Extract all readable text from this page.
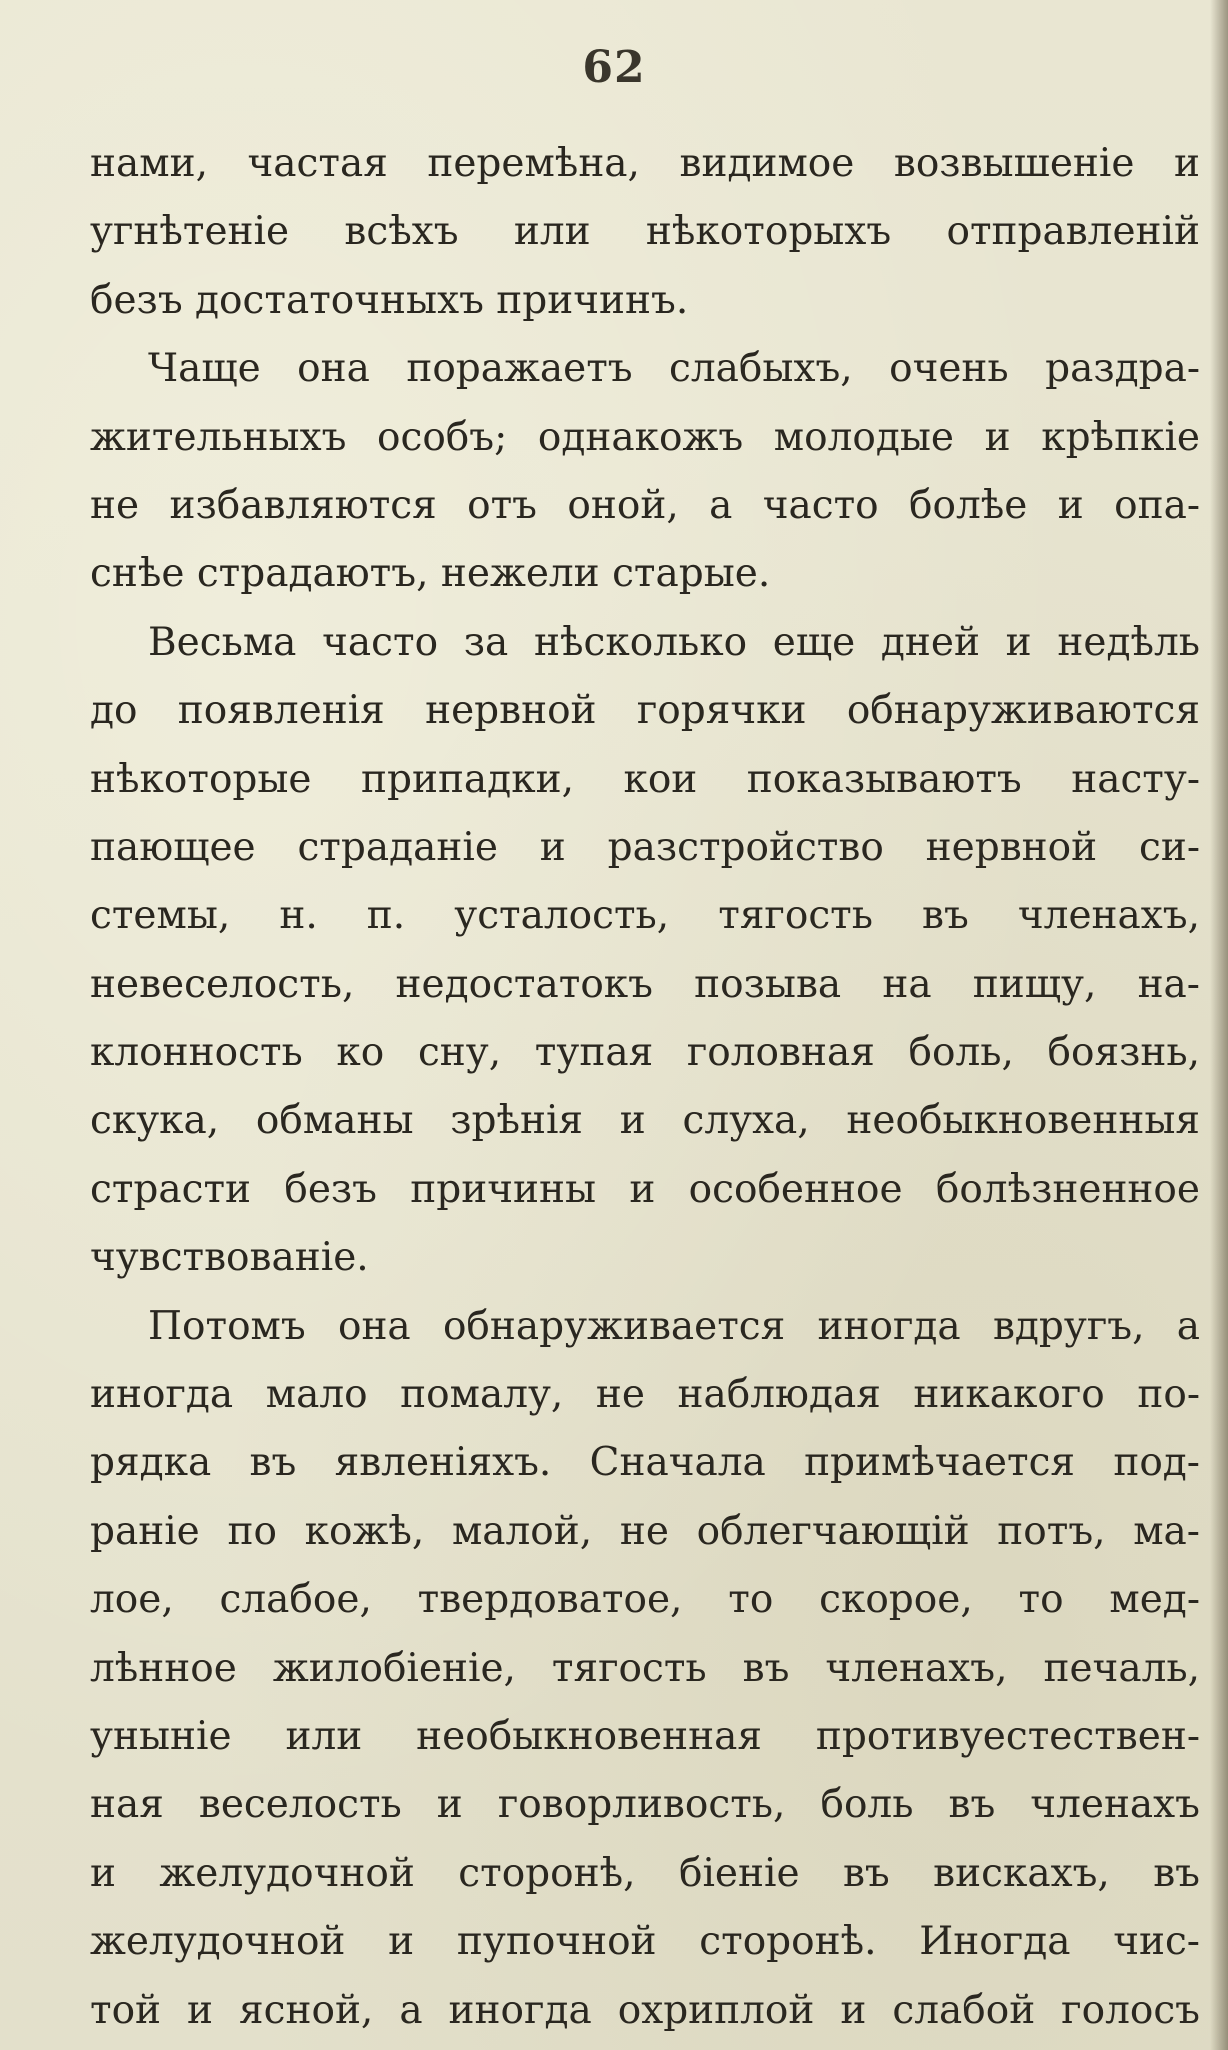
62
нами, частая перемѣна, видимое возвышеніе и
угнѣтеніе всѣхъ или нѣкоторыхъ отправленій
безъ достаточныхъ причинъ.
Чаще она поражаетъ слабыхъ, очень раздра-
жительныхъ особъ; однакожъ молодые и крѣпкіе
не избавляются отъ оной, а часто болѣе и опа-
снѣе страдаютъ, нежели старые.
Весьма часто за нѣсколько еще дней и недѣль
до появленія нервной горячки обнаруживаются
нѣкоторые припадки, кои показываютъ насту-
пающее страданіе и разстройство нервной си-
стемы, н. п. усталость, тягость въ членахъ,
невеселость, недостатокъ позыва на пищу, на-
клонность ко сну, тупая головная боль, боязнь,
скука, обманы зрѣнія и слуха, необыкновенныя
страсти безъ причины и особенное болѣзненное
чувствованіе.
Потомъ она обнаруживается иногда вдругъ, а
иногда мало помалу, не наблюдая никакого по-
рядка въ явленіяхъ. Сначала примѣчается под-
раніе по кожѣ, малой, не облегчающій потъ, ма-
лое, слабое, твердоватое, то скорое, то мед-
лѣнное жилобіеніе, тягость въ членахъ, печаль,
уныніе или необыкновенная противуестествен-
ная веселость и говорливость, боль въ членахъ
и желудочной сторонѣ, біеніе въ вискахъ, въ
желудочной и пупочной сторонѣ. Иногда чис-
той и ясной, а иногда охриплой и слабой голосъ
